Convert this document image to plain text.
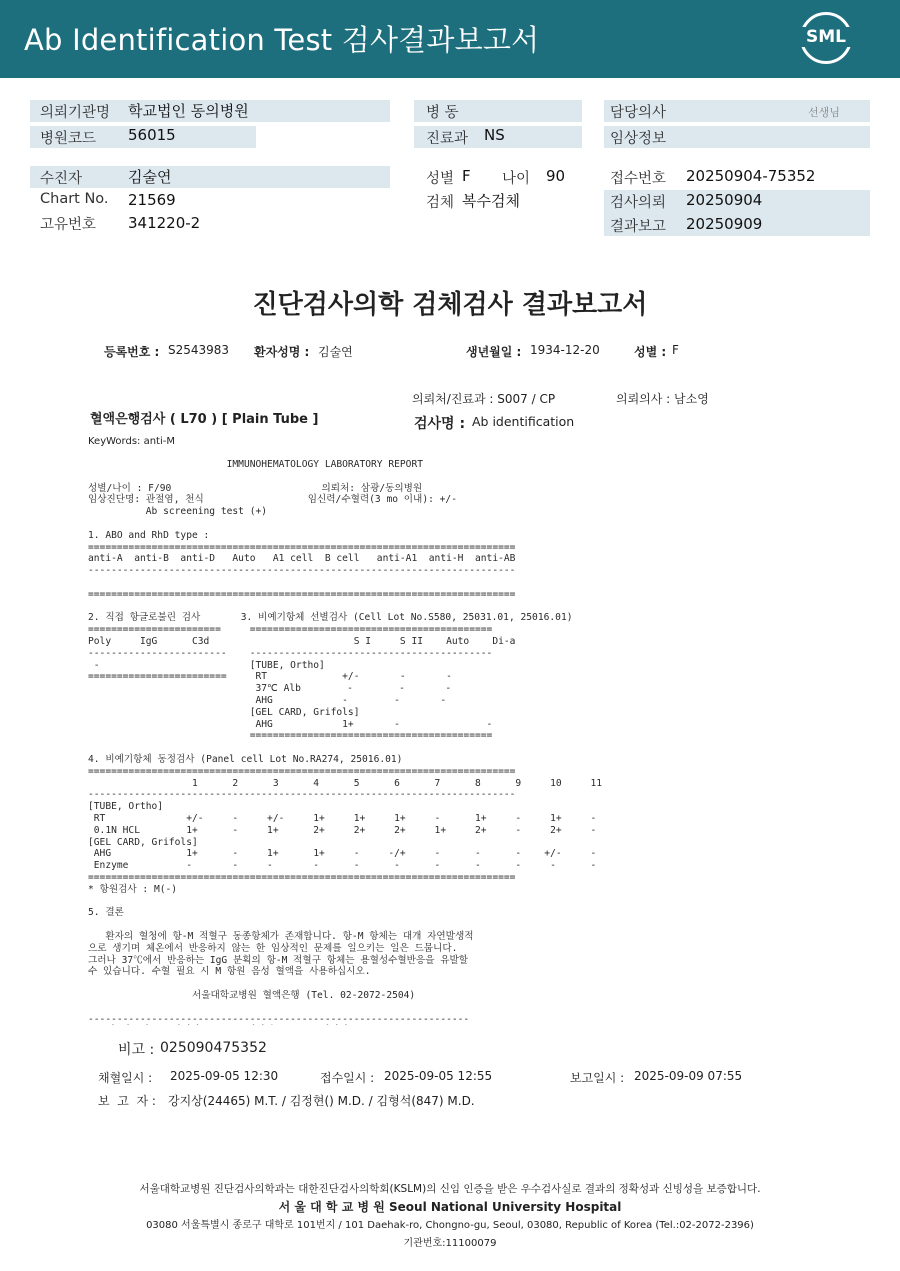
Ab Identification Test 검사결과보고서	SML
의뢰기관명 학교법인 동의병원
병원코드 56015
병 동
진료과 NS
담당의사	선생님
임상정보
수진자	김술연
Chart No. 21569
고유번호 341220-2
성별 F 나이 90
검체 복수검체
접수번호 20250904-75352
검사의뢰 20250904
결과보고 20250909
진단검사의학 검체검사 결과보고서
등록번호 : S2543983 환자성명 : 김술연	생년월일 : 1934-12-20	성별 : F
의뢰처/진료과 : S007 / CP	의뢰의사 : 남소영
혈액은행검사 ( L70 ) [ Plain Tube ]	검사명 : Ab identification
KeyWords: anti-M
IMMUNOHEMATOLOGY LABORATORY REPORT
성별/나이 : F/90                          의뢰처: 삼광/동의병원
임상진단명: 관절염, 천식                  임신력/수혈력(3 mo 이내): +/-
Ab screening test (+)
1. ABO and RhD type :
==========================================================================
anti-A  anti-B  anti-D   Auto   A1 cell  B cell   anti-A1  anti-H  anti-AB
--------------------------------------------------------------------------
==========================================================================
2. 직접 항글로불린 검사       3. 비예기항체 선별검사 (Cell Lot No.S580, 25031.01, 25016.01)
=======================     ==========================================
Poly     IgG      C3d                         S I     S II    Auto    Di-a
------------------------    ------------------------------------------
-                          [TUBE, Ortho]
========================     RT             +/-       -       -
37℃ Alb        -        -       -
AHG            -        -       -
[GEL CARD, Grifols]
AHG            1+       -               -
==========================================
4. 비예기항체 동정검사 (Panel cell Lot No.RA274, 25016.01)
==========================================================================
1      2      3      4      5      6      7      8      9     10     11
--------------------------------------------------------------------------
[TUBE, Ortho]
RT              +/-     -     +/-     1+     1+     1+     -      1+     -     1+     -
0.1N HCL        1+      -     1+      2+     2+     2+     1+     2+     -     2+     -
[GEL CARD, Grifols]
AHG             1+      -     1+      1+     -     -/+     -      -      -    +/-     -
Enzyme          -       -     -       -      -      -      -      -      -     -      -
==========================================================================
* 항원검사 : M(-)
5. 결론
환자의 혈청에 항-M 적혈구 동종항체가 존재합니다. 항-M 항체는 대개 자연발생적
으로 생기며 체온에서 반응하지 않는 한 임상적인 문제를 일으키는 일은 드뭅니다.
그러나 37℃에서 반응하는 IgG 분획의 항-M 적혈구 항체는 용혈성수혈반응을 유발할
수 있습니다. 수혈 필요 시 M 항원 음성 혈액을 사용하십시오.
서울대학교병원 혈액은행 (Tel. 02-2072-2504)
------------------------------------------------------------------
비고 : 025090475352
채혈일시 : 2025-09-05 12:30	접수일시 : 2025-09-05 12:55	보고일시 : 2025-09-09 07:55
보  고  자 : 강지상(24465) M.T. / 김정현() M.D. / 김형석(847) M.D.
서울대학교병원 진단검사의학과는 대한진단검사의학회(KSLM)의 신임 인증을 받은 우수검사실로 결과의 정확성과 신빙성을 보증합니다.
서 울 대 학 교 병 원 Seoul National University Hospital
03080 서울특별시 종로구 대학로 101번지 / 101 Daehak-ro, Chongno-gu, Seoul, 03080, Republic of Korea (Tel.:02-2072-2396)
기관번호:11100079
